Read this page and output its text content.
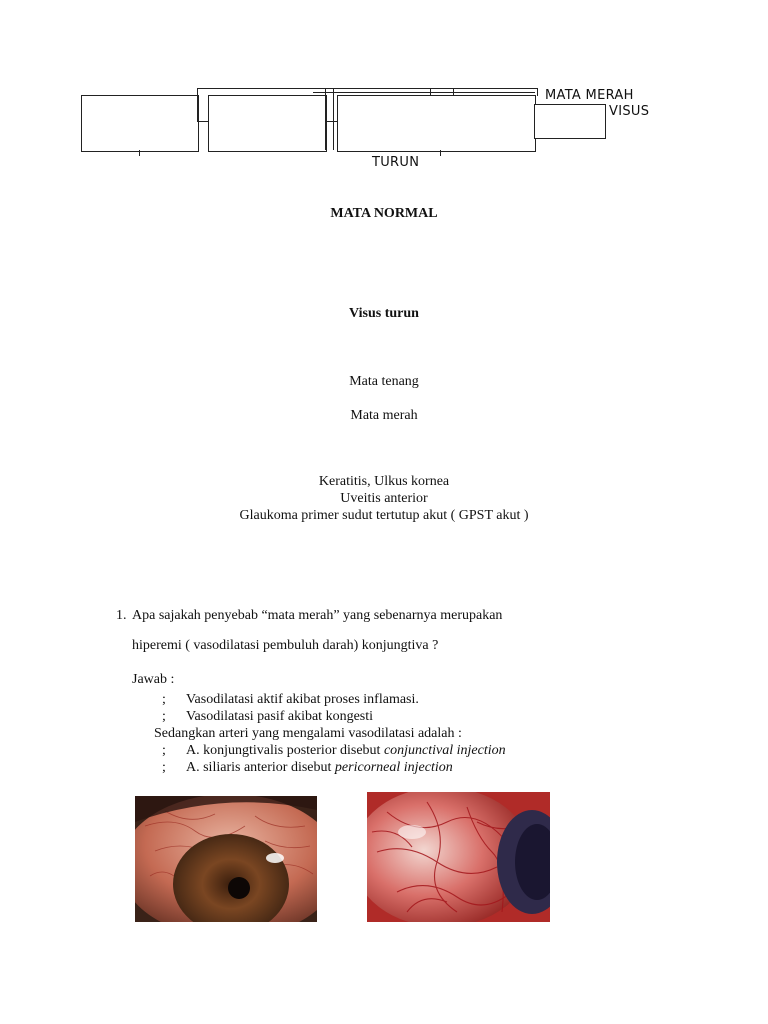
MATA MERAH
VISUS
TURUN
MATA NORMAL
Visus turun
Mata tenang
Mata merah
Keratitis, Ulkus kornea
Uveitis anterior
Glaukoma primer sudut tertutup akut ( GPST akut )
1. Apa sajakah penyebab “mata merah” yang sebenarnya merupakan
hiperemi ( vasodilatasi pembuluh darah) konjungtiva ?
Jawab :
; Vasodilatasi aktif akibat proses inflamasi.
; Vasodilatasi pasif akibat kongesti
Sedangkan arteri yang mengalami vasodilatasi adalah :
; A. konjungtivalis posterior disebut conjunctival injection
; A. siliaris anterior disebut pericorneal injection
